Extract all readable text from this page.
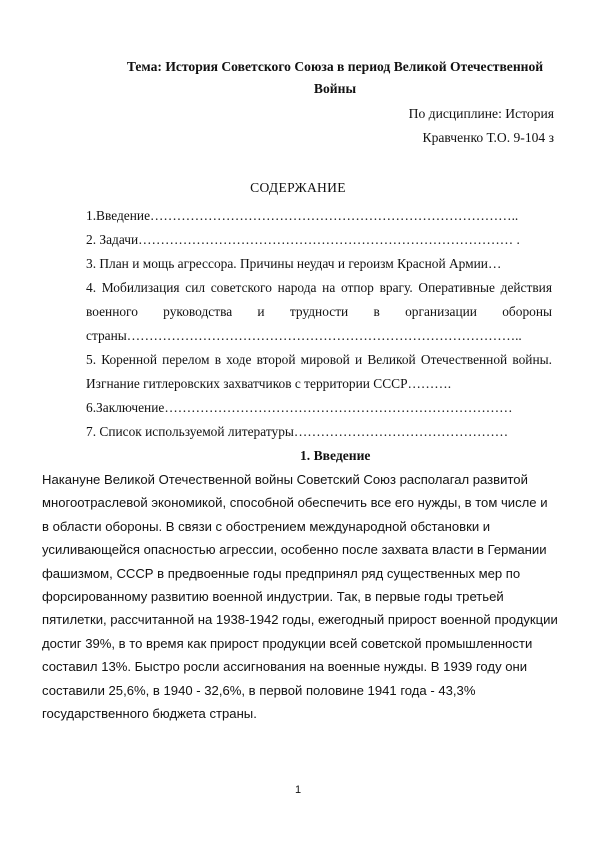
Тема: История Советского Союза в период Великой Отечественной Войны
По дисциплине: История
Кравченко Т.О. 9-104 з
СОДЕРЖАНИЕ

1.Введение………………………………………………………………………..

2. Задачи………………………………………………………………………… .

3. План и мощь агрессора. Причины неудач и героизм Красной Армии…

4. Мобилизация сил советского народа на отпор врагу. Оперативные действия военного руководства и трудности в организации обороны страны……………………………………………………………………………..

5. Коренной перелом в ходе второй мировой и Великой Отечественной войны. Изгнание гитлеровских захватчиков с территории СССР……….

6.Заключение……………………………………………………………………

7. Список используемой литературы…………………………………………

1. Введение

Накануне Великой Отечественной войны Советский Союз располагал развитой многоотраслевой экономикой, способной обеспечить все его нужды, в том числе и в области обороны. В связи с обострением международной обстановки и усиливающейся опасностью агрессии, особенно после захвата власти в Германии фашизмом, СССР в предвоенные годы предпринял ряд существенных мер по форсированному развитию военной индустрии. Так, в первые годы третьей пятилетки, рассчитанной на 1938-1942 годы, ежегодный прирост военной продукции достиг 39%, в то время как прирост продукции всей советской промышленности составил 13%. Быстро росли ассигнования на военные нужды. В 1939 году они составили 25,6%, в 1940 - 32,6%, в первой половине 1941 года - 43,3% государственного бюджета страны.

1
